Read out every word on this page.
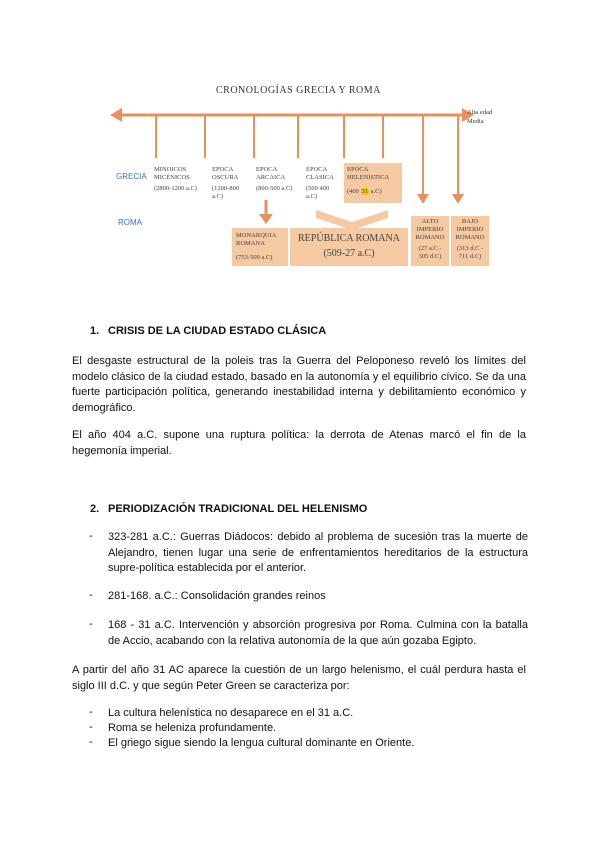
CRONOLOGÍAS GRECIA Y ROMA
Alta edad Media
GRECIA
ROMA
MINOICOS MICÉNICOS
(2800-1200 a.C)
EPOCA OSCURA
(1200-800 a.C)
EPOCA ARCAICA
(800-500 a.C)
EPOCA CLASICA
(500 400 a.C)
EPOCA HELENISTICA
(400 31 a.C)
MONARQUIA ROMANA
(753-509 a.C)
REPÚBLICA ROMANA
(509-27 a.C)
ALTO IMPERIO ROMANO
(27 a.C - 305 d.C)
BAJO IMPERIO ROMANO
(313 d.C - 711 d.C)
1. CRISIS DE LA CIUDAD ESTADO CLÁSICA
El desgaste estructural de la poleis tras la Guerra del Peloponeso reveló los límites del modelo clásico de la ciudad estado, basado en la autonomía y el equilibrio cívico. Se da una fuerte participación política, generando inestabilidad interna y debilitamiento económico y demográfico.
El año 404 a.C. supone una ruptura política: la derrota de Atenas marcó el fin de la hegemonía imperial.
2. PERIODIZACIÓN TRADICIONAL DEL HELENISMO
- 323-281 a.C.: Guerras Diádocos: debido al problema de sucesión tras la muerte de Alejandro, tienen lugar una serie de enfrentamientos hereditarios de la estructura supre-política establecida por el anterior.
- 281-168. a.C.: Consolidación grandes reinos
- 168 - 31 a.C. Intervención y absorción progresiva por Roma. Culmina con la batalla de Accio, acabando con la relativa autonomía de la que aún gozaba Egipto.
A partir del año 31 AC aparece la cuestión de un largo helenismo, el cuál perdura hasta el siglo III d.C. y que según Peter Green se caracteriza por:
- La cultura helenística no desaparece en el 31 a.C.
- Roma se heleniza profundamente.
- El griego sigue siendo la lengua cultural dominante en Oriente.
